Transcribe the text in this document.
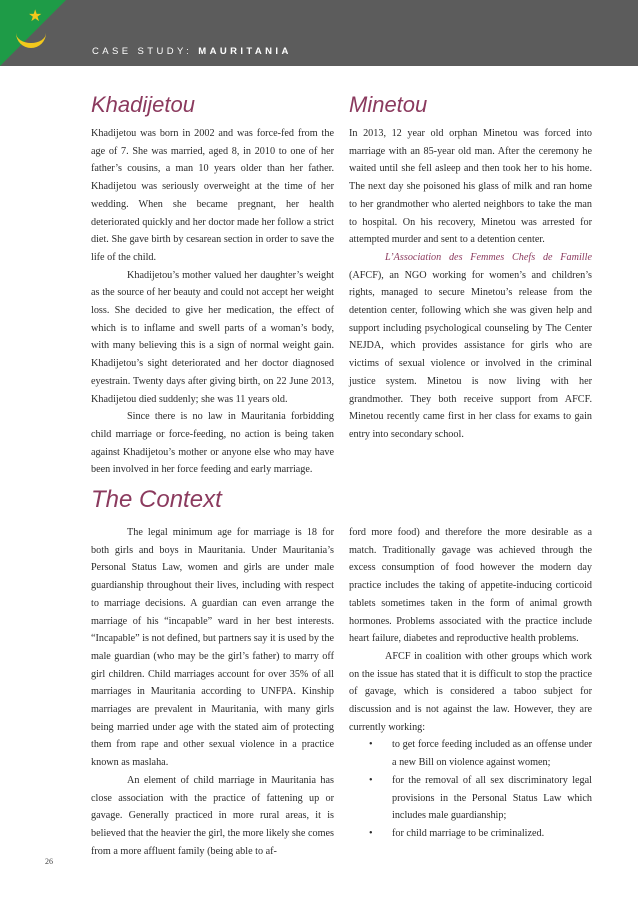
★

CASE STUDY: MAURITANIA

Khadijetou

Khadijetou was born in 2002 and was force-fed from the age of 7. She was married, aged 8, in 2010 to one of her father’s cousins, a man 10 years older than her father. Khadijetou was seriously overweight at the time of her wedding. When she became pregnant, her health deteriorated quickly and her doctor made her follow a strict diet. She gave birth by cesarean section in order to save the life of the child.

Khadijetou’s mother valued her daughter’s weight as the source of her beauty and could not accept her weight loss. She decided to give her medication, the effect of which is to inflame and swell parts of a woman’s body, with many believing this is a sign of normal weight gain. Khadijetou’s sight deteriorated and her doctor diagnosed eyestrain. Twenty days after giving birth, on 22 June 2013, Khadijetou died suddenly; she was 11 years old.

Since there is no law in Mauritania forbidding child marriage or force-feeding, no action is being taken against Khadijetou’s mother or anyone else who may have been involved in her force feeding and early marriage.

Minetou

In 2013, 12 year old orphan Minetou was forced into marriage with an 85-year old man. After the ceremony he waited until she fell asleep and then took her to his home. The next day she poisoned his glass of milk and ran home to her grandmother who alerted neighbors to take the man to hospital. On his recovery, Minetou was arrested for attempted murder and sent to a detention center.

L’Association des Femmes Chefs de Famille (AFCF), an NGO working for women’s and children’s rights, managed to secure Minetou’s release from the detention center, following which she was given help and support including psychological counseling by The Center NEJDA, which provides assistance for girls who are victims of sexual violence or involved in the criminal justice system. Minetou is now living with her grandmother. They both receive support from AFCF. Minetou recently came first in her class for exams to gain entry into secondary school.

The Context

The legal minimum age for marriage is 18 for both girls and boys in Mauritania. Under Mauritania’s Personal Status Law, women and girls are under male guardianship throughout their lives, including with respect to marriage decisions. A guardian can even arrange the marriage of his “incapable” ward in her best interests. “Incapable” is not defined, but partners say it is used by the male guardian (who may be the girl’s father) to marry off girl children. Child marriages account for over 35% of all marriages in Mauritania according to UNFPA. Kinship marriages are prevalent in Mauritania, with many girls being married under age with the stated aim of protecting them from rape and other sexual violence in a practice known as maslaha.

An element of child marriage in Mauritania has close association with the practice of fattening up or gavage. Generally practiced in more rural areas, it is believed that the heavier the girl, the more likely she comes from a more affluent family (being able to af-

ford more food) and therefore the more desirable as a match. Traditionally gavage was achieved through the excess consumption of food however the modern day practice includes the taking of appetite-inducing corticoid tablets sometimes taken in the form of animal growth hormones. Problems associated with the practice include heart failure, diabetes and reproductive health problems.

AFCF in coalition with other groups which work on the issue has stated that it is difficult to stop the practice of gavage, which is considered a taboo subject for discussion and is not against the law. However, they are currently working:

• to get force feeding included as an offense under a new Bill on violence against women;
• for the removal of all sex discriminatory legal provisions in the Personal Status Law which includes male guardianship;
• for child marriage to be criminalized.

26
